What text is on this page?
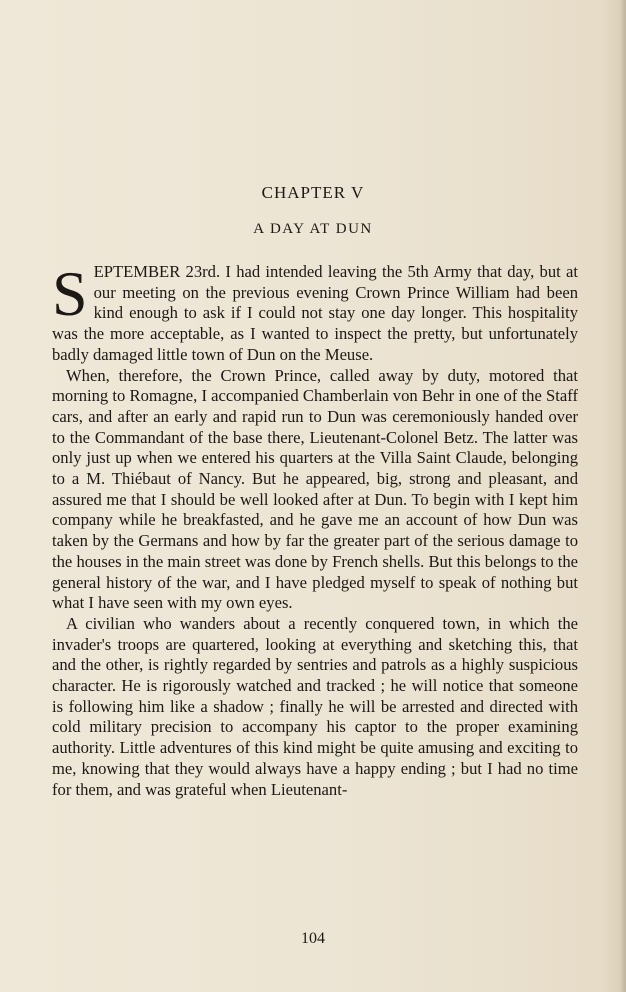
CHAPTER V
A DAY AT DUN

SEPTEMBER 23rd. I had intended leaving the 5th Army that day, but at our meeting on the previous evening Crown Prince William had been kind enough to ask if I could not stay one day longer. This hospitality was the more acceptable, as I wanted to inspect the pretty, but unfortunately badly damaged little town of Dun on the Meuse.

When, therefore, the Crown Prince, called away by duty, motored that morning to Romagne, I accompanied Chamberlain von Behr in one of the Staff cars, and after an early and rapid run to Dun was ceremoniously handed over to the Commandant of the base there, Lieutenant-Colonel Betz. The latter was only just up when we entered his quarters at the Villa Saint Claude, belonging to a M. Thiébaut of Nancy. But he appeared, big, strong and pleasant, and assured me that I should be well looked after at Dun. To begin with I kept him company while he breakfasted, and he gave me an account of how Dun was taken by the Germans and how by far the greater part of the serious damage to the houses in the main street was done by French shells. But this belongs to the general history of the war, and I have pledged myself to speak of nothing but what I have seen with my own eyes.

A civilian who wanders about a recently conquered town, in which the invader's troops are quartered, looking at everything and sketching this, that and the other, is rightly regarded by sentries and patrols as a highly suspicious character. He is rigorously watched and tracked ; he will notice that someone is following him like a shadow ; finally he will be arrested and directed with cold military precision to accompany his captor to the proper examining authority. Little adventures of this kind might be quite amusing and exciting to me, knowing that they would always have a happy ending ; but I had no time for them, and was grateful when Lieutenant-

104
